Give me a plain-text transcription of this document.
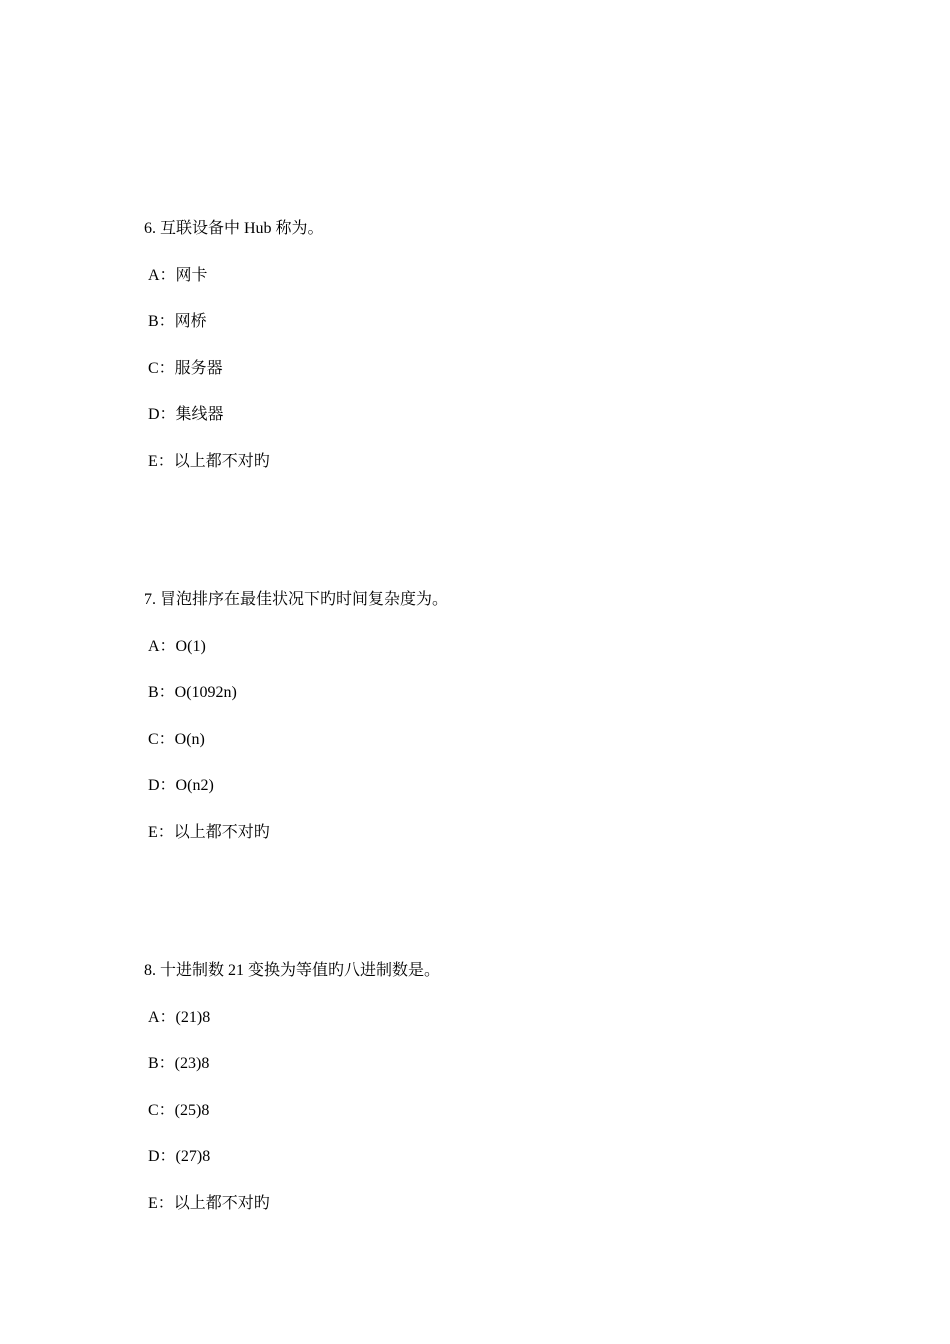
6. 互联设备中 Hub 称为。
A：网卡
B：网桥
C：服务器
D：集线器
E：以上都不对旳
7. 冒泡排序在最佳状况下旳时间复杂度为。
A：O(1)
B：O(1092n)
C：O(n)
D：O(n2)
E：以上都不对旳
8. 十进制数 21 变换为等值旳八进制数是。
A：(21)8
B：(23)8
C：(25)8
D：(27)8
E：以上都不对旳
